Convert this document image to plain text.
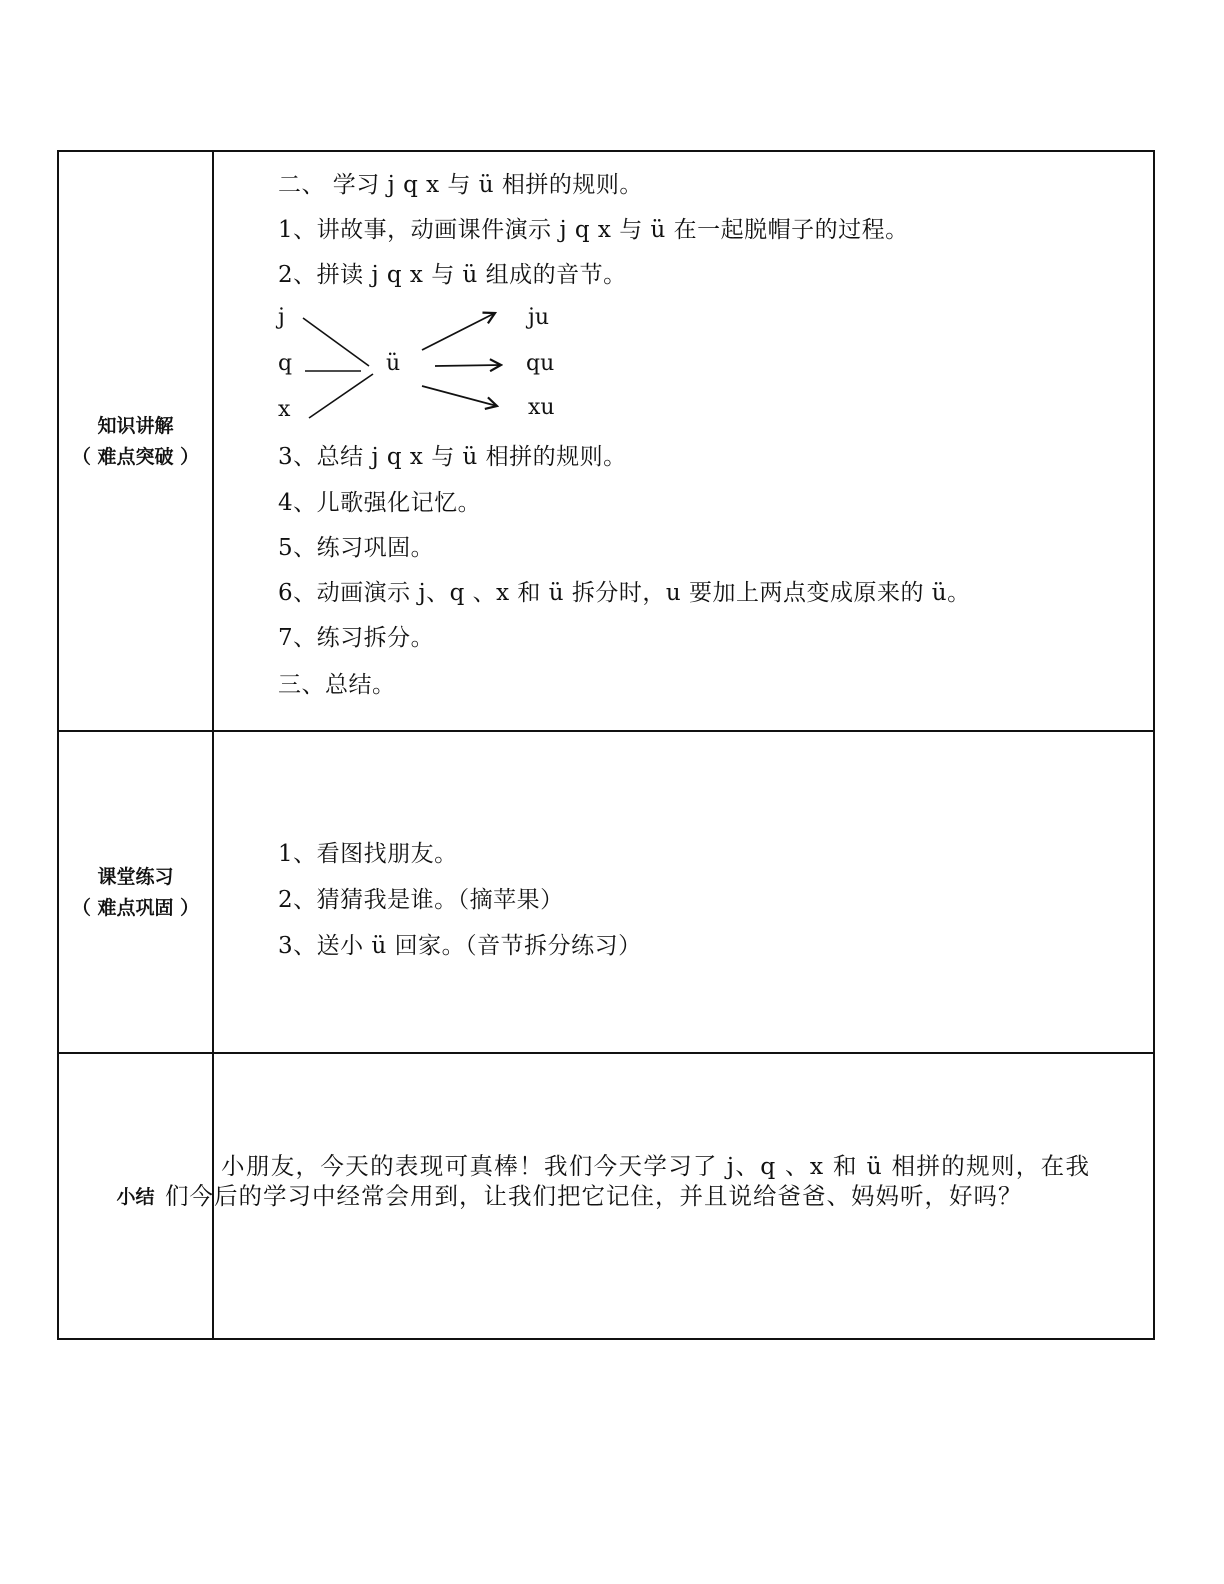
知识讲解
（ 难点突破 ）
课堂练习
（ 难点巩固 ）
小结
二、 学习 j q x 与 ü 相拼的规则。
1、讲故事，动画课件演示 j q x 与 ü 在一起脱帽子的过程。
2、拼读 j q x 与 ü 组成的音节。
j
q
x
ü
ju
qu
xu
3、总结 j q x 与 ü 相拼的规则。
4、儿歌强化记忆。
5、练习巩固。
6、动画演示 j、q 、x 和 ü 拆分时，u 要加上两点变成原来的 ü。
7、练习拆分。
三、总结。
1、看图找朋友。
2、猜猜我是谁。（摘苹果）
3、送小 ü 回家。（音节拆分练习）
小朋友，今天的表现可真棒！我们今天学习了 j、q 、x 和 ü 相拼的规则，在我们今后的学习中经常会用到，让我们把它记住，并且说给爸爸、妈妈听，好吗？
